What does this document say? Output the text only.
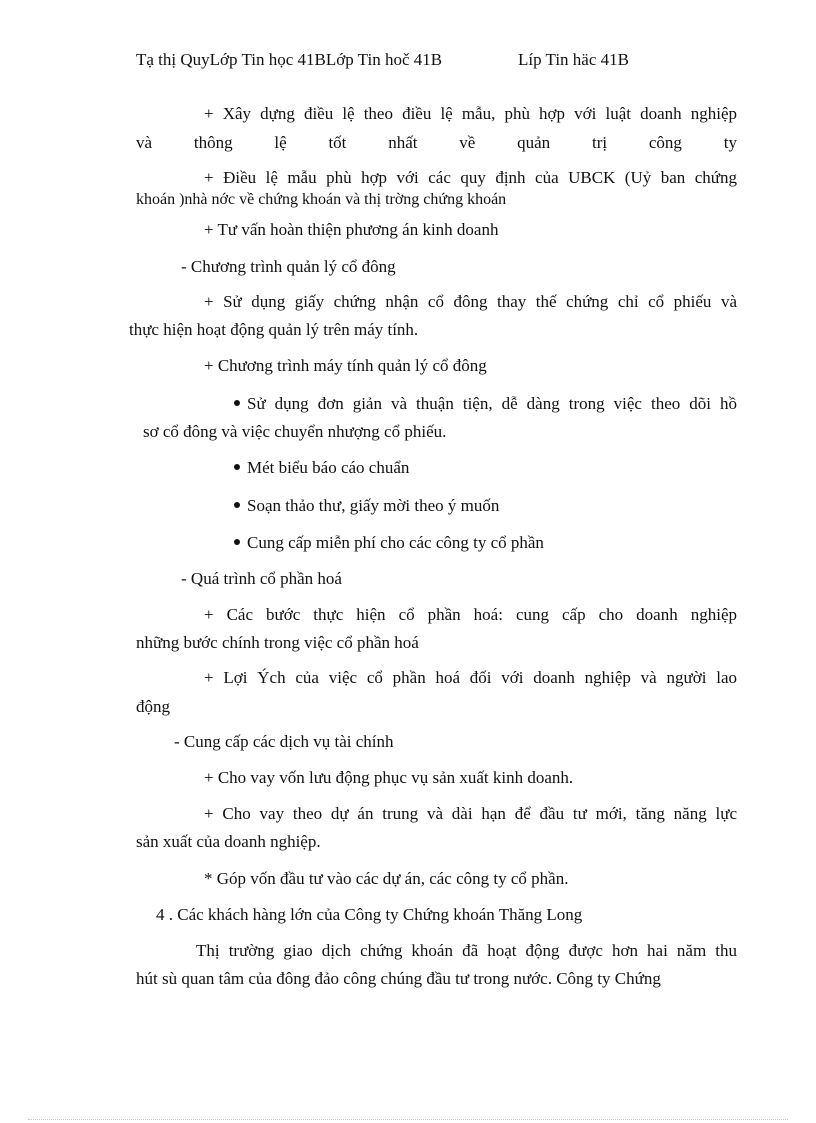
Tạ thị QuyLớp Tin học 41BLớp Tin hoč 41B	Líp Tin häc 41B
+ Xây dựng điều lệ theo điều lệ mẫu, phù hợp với luật doanh nghiệp
và thông lệ tốt nhất về quản trị công ty
+ Điều lệ mẫu phù hợp với các quy định của UBCK (Uỷ ban chứng
khoán )nhà nớc về chứng khoán và thị trờng chứng khoán
+ Tư vấn hoàn thiện phương án kinh doanh
- Chương trình quản lý cổ đông
+ Sử dụng giấy chứng nhận cổ đông thay thế chứng chỉ cổ phiếu và
thực hiện hoạt động quản lý trên máy tính.
+ Chương trình máy tính quản lý cổ đông
Sử dụng đơn giản và thuận tiện, dễ dàng trong việc theo dõi hồ
sơ cổ đông và việc chuyển nhượng cổ phiếu.
Mét biểu báo cáo chuẩn
Soạn thảo thư, giấy mời theo ý muốn
Cung cấp miễn phí cho các công ty cổ phần
- Quá trình cổ phần hoá
+ Các bước thực hiện cổ phần hoá: cung cấp cho doanh nghiệp
những bước chính trong việc cổ phần hoá
+ Lợi Ých của việc cổ phần hoá đối với doanh nghiệp và người lao
động
- Cung cấp các dịch vụ tài chính
+ Cho vay vốn lưu động phục vụ sản xuất kinh doanh.
+ Cho vay theo dự án trung và dài hạn để đầu tư mới, tăng năng lực
sản xuất của doanh nghiệp.
* Góp vốn đầu tư vào các dự án, các công ty cổ phần.
4 . Các khách hàng lớn của Công ty Chứng khoán Thăng Long
Thị trường giao dịch chứng khoán đã hoạt động được hơn hai năm thu
hút sù quan tâm của đông đảo công chúng đầu tư trong nước. Công ty Chứng
